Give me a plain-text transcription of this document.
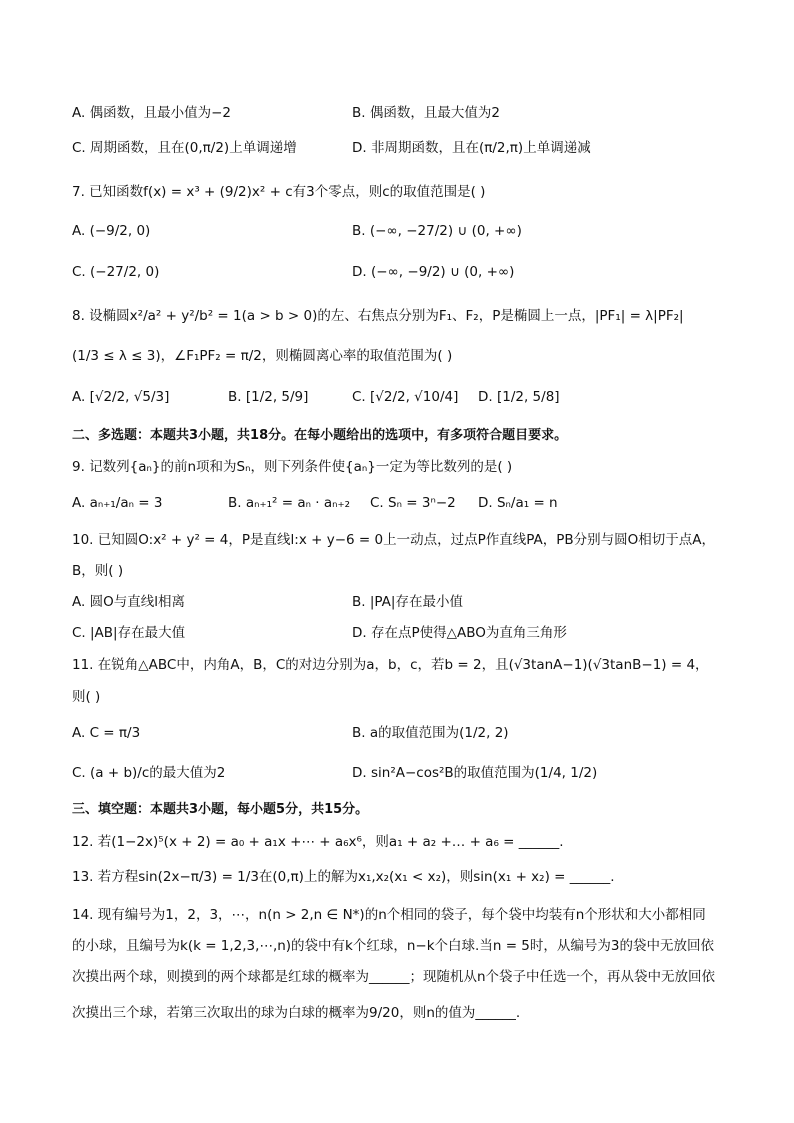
A. 偶函数，且最小值为−2	B. 偶函数，且最大值为2
C. 周期函数，且在(0,π/2)上单调递增	D. 非周期函数，且在(π/2,π)上单调递减
7. 已知函数f(x) = x³ + (9/2)x² + c有3个零点，则c的取值范围是( )
A. (−9/2, 0)	B. (−∞, −27/2) ∪ (0, +∞)
C. (−27/2, 0)	D. (−∞, −9/2) ∪ (0, +∞)
8. 设椭圆x²/a² + y²/b² = 1(a > b > 0)的左、右焦点分别为F₁、F₂，P是椭圆上一点，|PF₁| = λ|PF₂|
(1/3 ≤ λ ≤ 3)，∠F₁PF₂ = π/2，则椭圆离心率的取值范围为( )
A. [√2/2, √5/3]	B. [1/2, 5/9]	C. [√2/2, √10/4] D. [1/2, 5/8]
二、多选题：本题共3小题，共18分。在每小题给出的选项中，有多项符合题目要求。
9. 记数列{aₙ}的前n项和为Sₙ，则下列条件使{aₙ}一定为等比数列的是( )
A. aₙ₊₁/aₙ = 3	B. aₙ₊₁² = aₙ · aₙ₊₂ C. Sₙ = 3ⁿ−2 D. Sₙ/a₁ = n
10. 已知圆O:x² + y² = 4，P是直线l:x + y−6 = 0上一动点，过点P作直线PA，PB分别与圆O相切于点A，
B，则( )
A. 圆O与直线l相离	B. |PA|存在最小值
C. |AB|存在最大值	D. 存在点P使得△ABO为直角三角形
11. 在锐角△ABC中，内角A，B，C的对边分别为a，b，c，若b = 2，且(√3tanA−1)(√3tanB−1) = 4，
则( )
A. C = π/3	B. a的取值范围为(1/2, 2)
C. (a + b)/c的最大值为2	D. sin²A−cos²B的取值范围为(1/4, 1/2)
三、填空题：本题共3小题，每小题5分，共15分。
12. 若(1−2x)⁵(x + 2) = a₀ + a₁x +⋯ + a₆x⁶，则a₁ + a₂ +… + a₆ = ______.
13. 若方程sin(2x−π/3) = 1/3在(0,π)上的解为x₁,x₂(x₁ < x₂)，则sin(x₁ + x₂) = ______.
14. 现有编号为1，2，3，⋯，n(n > 2,n ∈ N*)的n个相同的袋子，每个袋中均装有n个形状和大小都相同
的小球，且编号为k(k = 1,2,3,⋯,n)的袋中有k个红球，n−k个白球.当n = 5时，从编号为3的袋中无放回依
次摸出两个球，则摸到的两个球都是红球的概率为______；现随机从n个袋子中任选一个，再从袋中无放回依
次摸出三个球，若第三次取出的球为白球的概率为9/20，则n的值为______.
